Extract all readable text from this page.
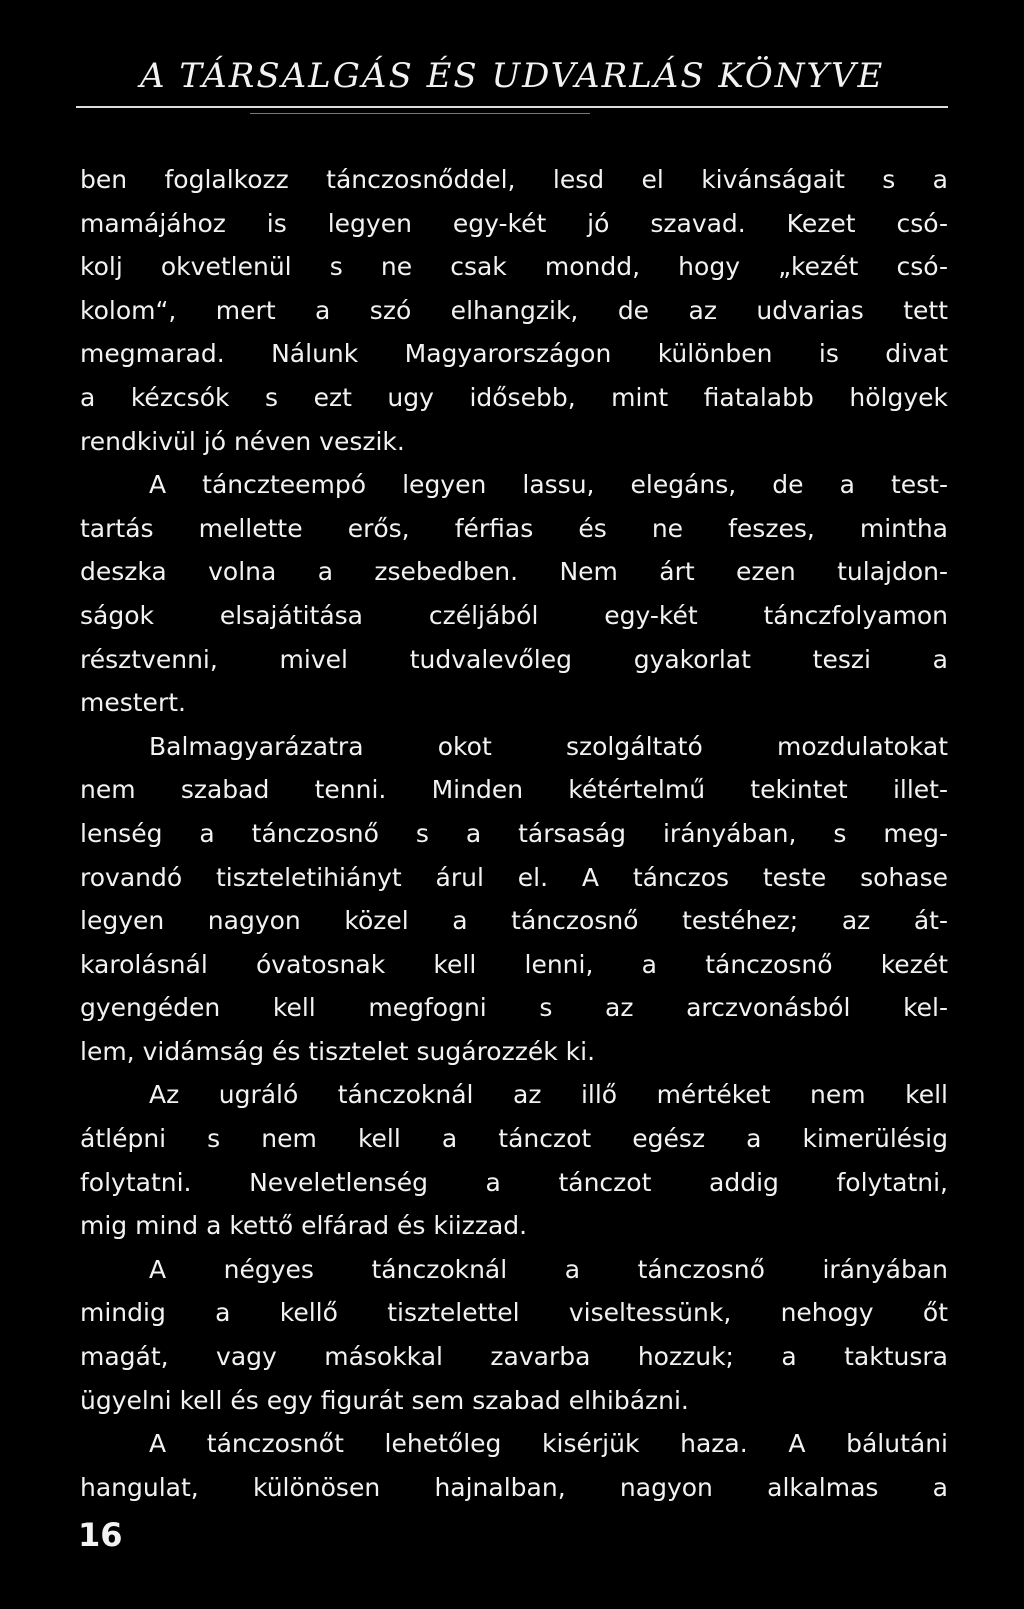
A TÁRSALGÁS ÉS UDVARLÁS KÖNYVE
ben foglalkozz tánczosnőddel, lesd el kivánságait s a
mamájához is legyen egy-két jó szavad. Kezet csó-
kolj okvetlenül s ne csak mondd, hogy „kezét csó-
kolom“, mert a szó elhangzik, de az udvarias tett
megmarad. Nálunk Magyarországon különben is divat
a kézcsók s ezt ugy idősebb, mint fiatalabb hölgyek
rendkivül jó néven veszik.
A tánczteempó legyen lassu, elegáns, de a test-
tartás mellette erős, férfias és ne feszes, mintha
deszka volna a zsebedben. Nem árt ezen tulajdon-
ságok elsajátitása czéljából egy-két tánczfolyamon
résztvenni, mivel tudvalevőleg gyakorlat teszi a
mestert.
Balmagyarázatra okot szolgáltató mozdulatokat
nem szabad tenni. Minden kétértelmű tekintet illet-
lenség a tánczosnő s a társaság irányában, s meg-
rovandó tiszteletihiányt árul el. A tánczos teste sohase
legyen nagyon közel a tánczosnő testéhez; az át-
karolásnál óvatosnak kell lenni, a tánczosnő kezét
gyengéden kell megfogni s az arczvonásból kel-
lem, vidámság és tisztelet sugározzék ki.
Az ugráló tánczoknál az illő mértéket nem kell
átlépni s nem kell a tánczot egész a kimerülésig
folytatni. Neveletlenség a tánczot addig folytatni,
mig mind a kettő elfárad és kiizzad.
A négyes tánczoknál a tánczosnő irányában
mindig a kellő tisztelettel viseltessünk, nehogy őt
magát, vagy másokkal zavarba hozzuk; a taktusra
ügyelni kell és egy figurát sem szabad elhibázni.
A tánczosnőt lehetőleg kisérjük haza. A bálutáni
hangulat, különösen hajnalban, nagyon alkalmas a
16
